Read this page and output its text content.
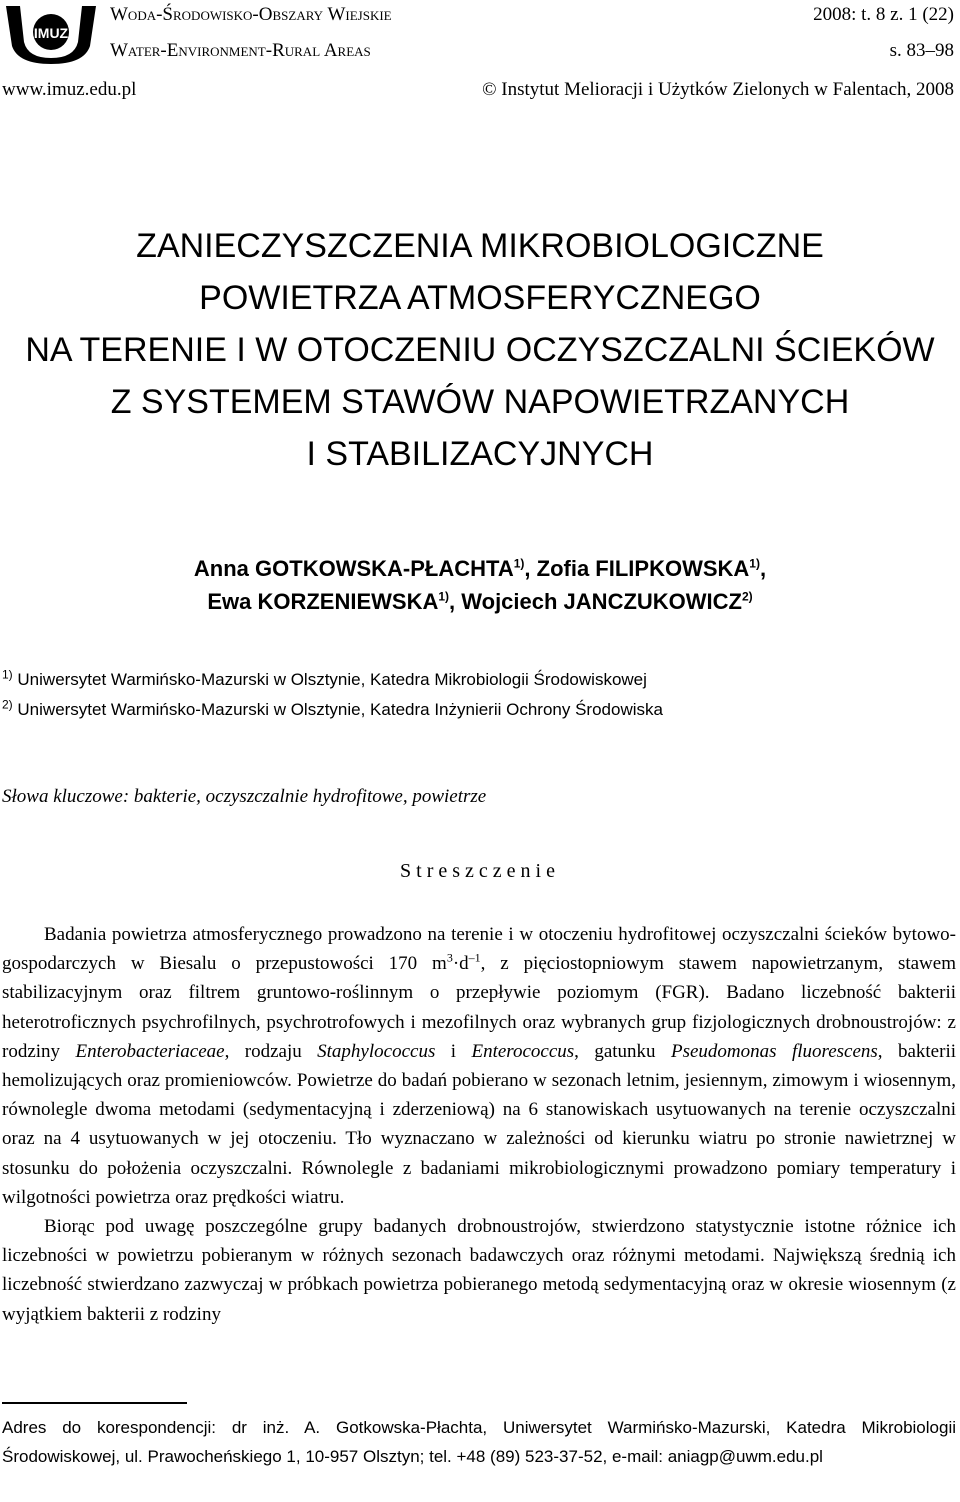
IMUZ
Woda-Środowisko-Obszary Wiejskie
Water-Environment-Rural Areas
2008: t. 8 z. 1 (22)
s. 83–98
www.imuz.edu.pl	© Instytut Melioracji i Użytków Zielonych w Falentach, 2008
ZANIECZYSZCZENIA MIKROBIOLOGICZNE
POWIETRZA ATMOSFERYCZNEGO
NA TERENIE I W OTOCZENIU OCZYSZCZALNI ŚCIEKÓW
Z SYSTEMEM STAWÓW NAPOWIETRZANYCH
I STABILIZACYJNYCH
Anna GOTKOWSKA-PŁACHTA$^{1)}$, Zofia FILIPKOWSKA$^{1)}$,
Ewa KORZENIEWSKA$^{1)}$, Wojciech JANCZUKOWICZ$^{2)}$
$^{1)}$ Uniwersytet Warmińsko-Mazurski w Olsztynie, Katedra Mikrobiologii Środowiskowej
$^{2)}$ Uniwersytet Warmińsko-Mazurski w Olsztynie, Katedra Inżynierii Ochrony Środowiska
Słowa kluczowe: bakterie, oczyszczalnie hydrofitowe, powietrze
Streszczenie

Badania powietrza atmosferycznego prowadzono na terenie i w otoczeniu hydrofitowej oczyszczalni ścieków bytowo-gospodarczych w Biesalu o przepustowości 170 $m^3\cdot d^{-1}$, z pięciostopniowym stawem napowietrzanym, stawem stabilizacyjnym oraz filtrem gruntowo-roślinnym o przepływie poziomym (FGR). Badano liczebność bakterii heterotroficznych psychrofilnych, psychrotrofowych i mezofilnych oraz wybranych grup fizjologicznych drobnoustrojów: z rodziny Enterobacteriaceae, rodzaju Staphylococcus i Enterococcus, gatunku Pseudomonas fluorescens, bakterii hemolizujących oraz promieniowców. Powietrze do badań pobierano w sezonach letnim, jesiennym, zimowym i wiosennym, równolegle dwoma metodami (sedymentacyjną i zderzeniową) na 6 stanowiskach usytuowanych na terenie oczyszczalni oraz na 4 usytuowanych w jej otoczeniu. Tło wyznaczano w zależności od kierunku wiatru po stronie nawietrznej w stosunku do położenia oczyszczalni. Równolegle z badaniami mikrobiologicznymi prowadzono pomiary temperatury i wilgotności powietrza oraz prędkości wiatru.

Biorąc pod uwagę poszczególne grupy badanych drobnoustrojów, stwierdzono statystycznie istotne różnice ich liczebności w powietrzu pobieranym w różnych sezonach badawczych oraz różnymi metodami. Największą średnią ich liczebność stwierdzano zazwyczaj w próbkach powietrza pobieranego metodą sedymentacyjną oraz w okresie wiosennym (z wyjątkiem bakterii z rodziny

Adres do korespondencji: dr inż. A. Gotkowska-Płachta, Uniwersytet Warmińsko-Mazurski, Katedra Mikrobiologii Środowiskowej, ul. Prawocheńskiego 1, 10-957 Olsztyn; tel. +48 (89) 523-37-52, e-mail: aniagp@uwm.edu.pl
